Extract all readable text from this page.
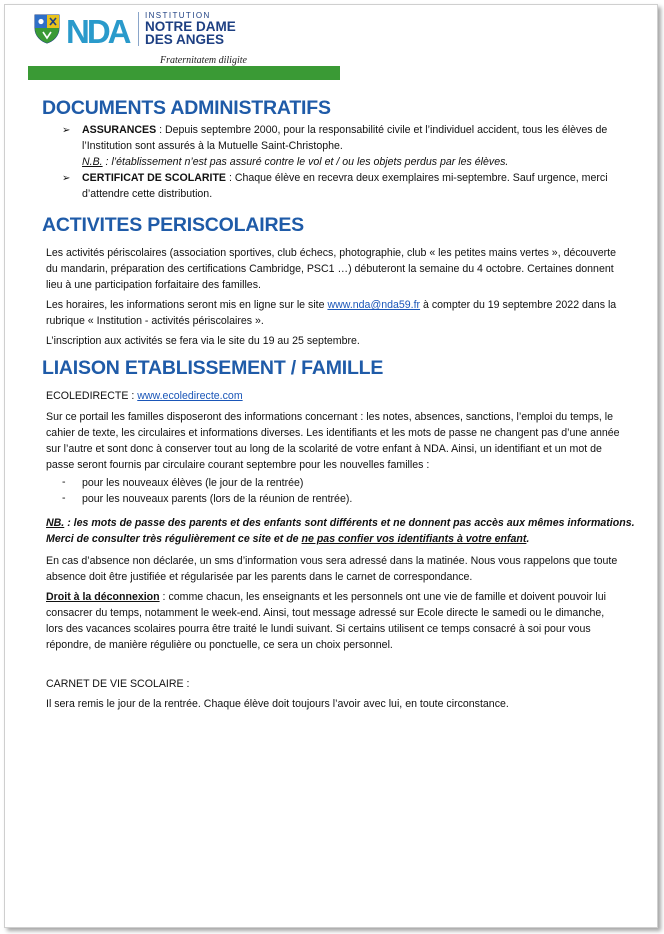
NDA INSTITUTION
NOTRE DAME
DES ANGES
Fraternitatem diligite
DOCUMENTS ADMINISTRATIFS
➢ ASSURANCES : Depuis septembre 2000, pour la responsabilité civile et l’individuel accident, tous les élèves de
l’Institution sont assurés à la Mutuelle Saint-Christophe.
N.B. : l’établissement n’est pas assuré contre le vol et / ou les objets perdus par les élèves.
➢ CERTIFICAT DE SCOLARITE : Chaque élève en recevra deux exemplaires mi-septembre. Sauf urgence, merci
d’attendre cette distribution.
ACTIVITES PERISCOLAIRES
Les activités périscolaires (association sportives, club échecs, photographie, club « les petites mains vertes », découverte
du mandarin, préparation des certifications Cambridge, PSC1 …) débuteront la semaine du 4 octobre. Certaines donnent
lieu à une participation forfaitaire des familles.
Les horaires, les informations seront mis en ligne sur le site www.nda@nda59.fr à compter du 19 septembre 2022 dans la
rubrique « Institution - activités périscolaires ».
L’inscription aux activités se fera via le site du 19 au 25 septembre.
LIAISON ETABLISSEMENT / FAMILLE
ECOLEDIRECTE : www.ecoledirecte.com
Sur ce portail les familles disposeront des informations concernant : les notes, absences, sanctions, l’emploi du temps, le
cahier de texte, les circulaires et informations diverses. Les identifiants et les mots de passe ne changent pas d’une année
sur l’autre et sont donc à conserver tout au long de la scolarité de votre enfant à NDA. Ainsi, un identifiant et un mot de
passe seront fournis par circulaire courant septembre pour les nouvelles familles :
- pour les nouveaux élèves (le jour de la rentrée)
- pour les nouveaux parents (lors de la réunion de rentrée).
NB. : les mots de passe des parents et des enfants sont différents et ne donnent pas accès aux mêmes informations.
Merci de consulter très régulièrement ce site et de ne pas confier vos identifiants à votre enfant.
En cas d’absence non déclarée, un sms d’information vous sera adressé dans la matinée. Nous vous rappelons que toute
absence doit être justifiée et régularisée par les parents dans le carnet de correspondance.
Droit à la déconnexion : comme chacun, les enseignants et les personnels ont une vie de famille et doivent pouvoir lui
consacrer du temps, notamment le week-end. Ainsi, tout message adressé sur Ecole directe le samedi ou le dimanche,
lors des vacances scolaires pourra être traité le lundi suivant. Si certains utilisent ce temps consacré à soi pour vous
répondre, de manière régulière ou ponctuelle, ce sera un choix personnel.
CARNET DE VIE SCOLAIRE :
Il sera remis le jour de la rentrée. Chaque élève doit toujours l’avoir avec lui, en toute circonstance.
